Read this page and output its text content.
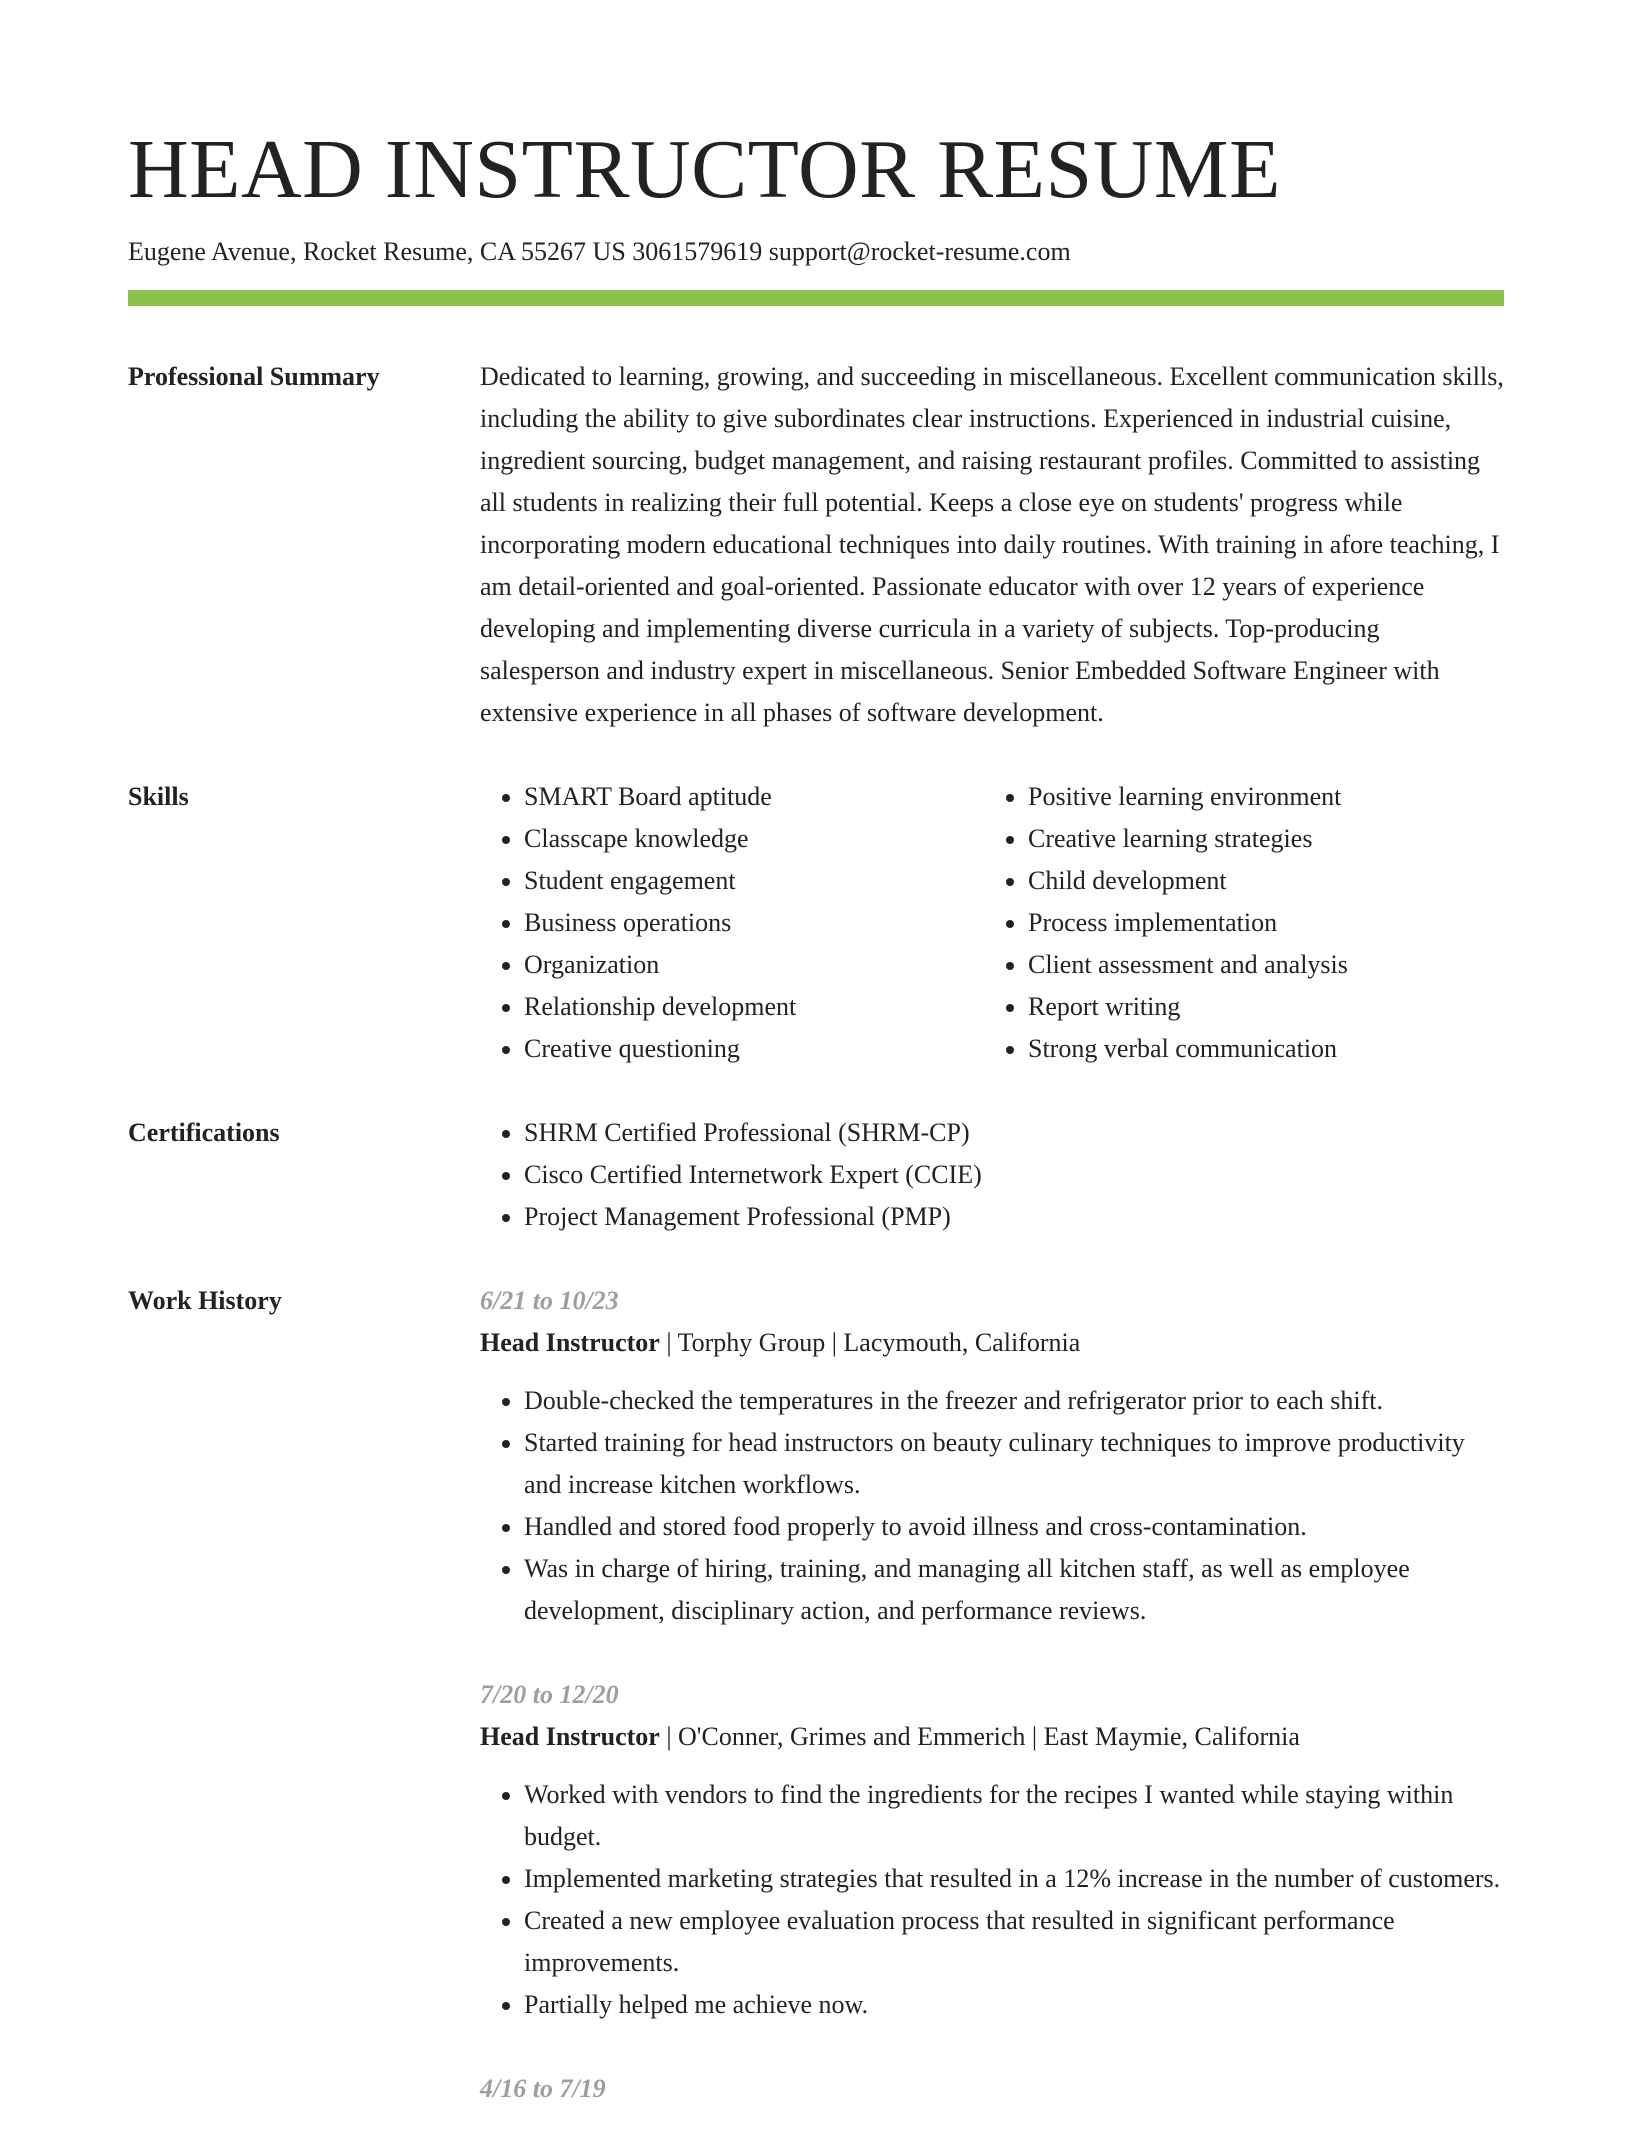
HEAD INSTRUCTOR RESUME
Eugene Avenue, Rocket Resume, CA 55267 US 3061579619 support@rocket-resume.com
Professional Summary	Dedicated to learning, growing, and succeeding in miscellaneous. Excellent communication skills, including the ability to give subordinates clear instructions. Experienced in industrial cuisine, ingredient sourcing, budget management, and raising restaurant profiles. Committed to assisting all students in realizing their full potential. Keeps a close eye on students' progress while incorporating modern educational techniques into daily routines. With training in afore teaching, I am detail-oriented and goal-oriented. Passionate educator with over 12 years of experience developing and implementing diverse curricula in a variety of subjects. Top-producing salesperson and industry expert in miscellaneous. Senior Embedded Software Engineer with extensive experience in all phases of software development.

Skills	• SMART Board aptitude
• Classcape knowledge
• Student engagement
• Business operations
• Organization
• Relationship development
• Creative questioning
• Positive learning environment
• Creative learning strategies
• Child development
• Process implementation
• Client assessment and analysis
• Report writing
• Strong verbal communication
Certifications	• SHRM Certified Professional (SHRM-CP)
• Cisco Certified Internetwork Expert (CCIE)
• Project Management Professional (PMP)
Work History	6/21 to 10/23
Head Instructor | Torphy Group | Lacymouth, California
• Double-checked the temperatures in the freezer and refrigerator prior to each shift.
• Started training for head instructors on beauty culinary techniques to improve productivity and increase kitchen workflows.
• Handled and stored food properly to avoid illness and cross-contamination.
• Was in charge of hiring, training, and managing all kitchen staff, as well as employee development, disciplinary action, and performance reviews.
7/20 to 12/20
Head Instructor | O'Conner, Grimes and Emmerich | East Maymie, California
• Worked with vendors to find the ingredients for the recipes I wanted while staying within budget.
• Implemented marketing strategies that resulted in a 12% increase in the number of customers.
• Created a new employee evaluation process that resulted in significant performance improvements.
• Partially helped me achieve now.
4/16 to 7/19
